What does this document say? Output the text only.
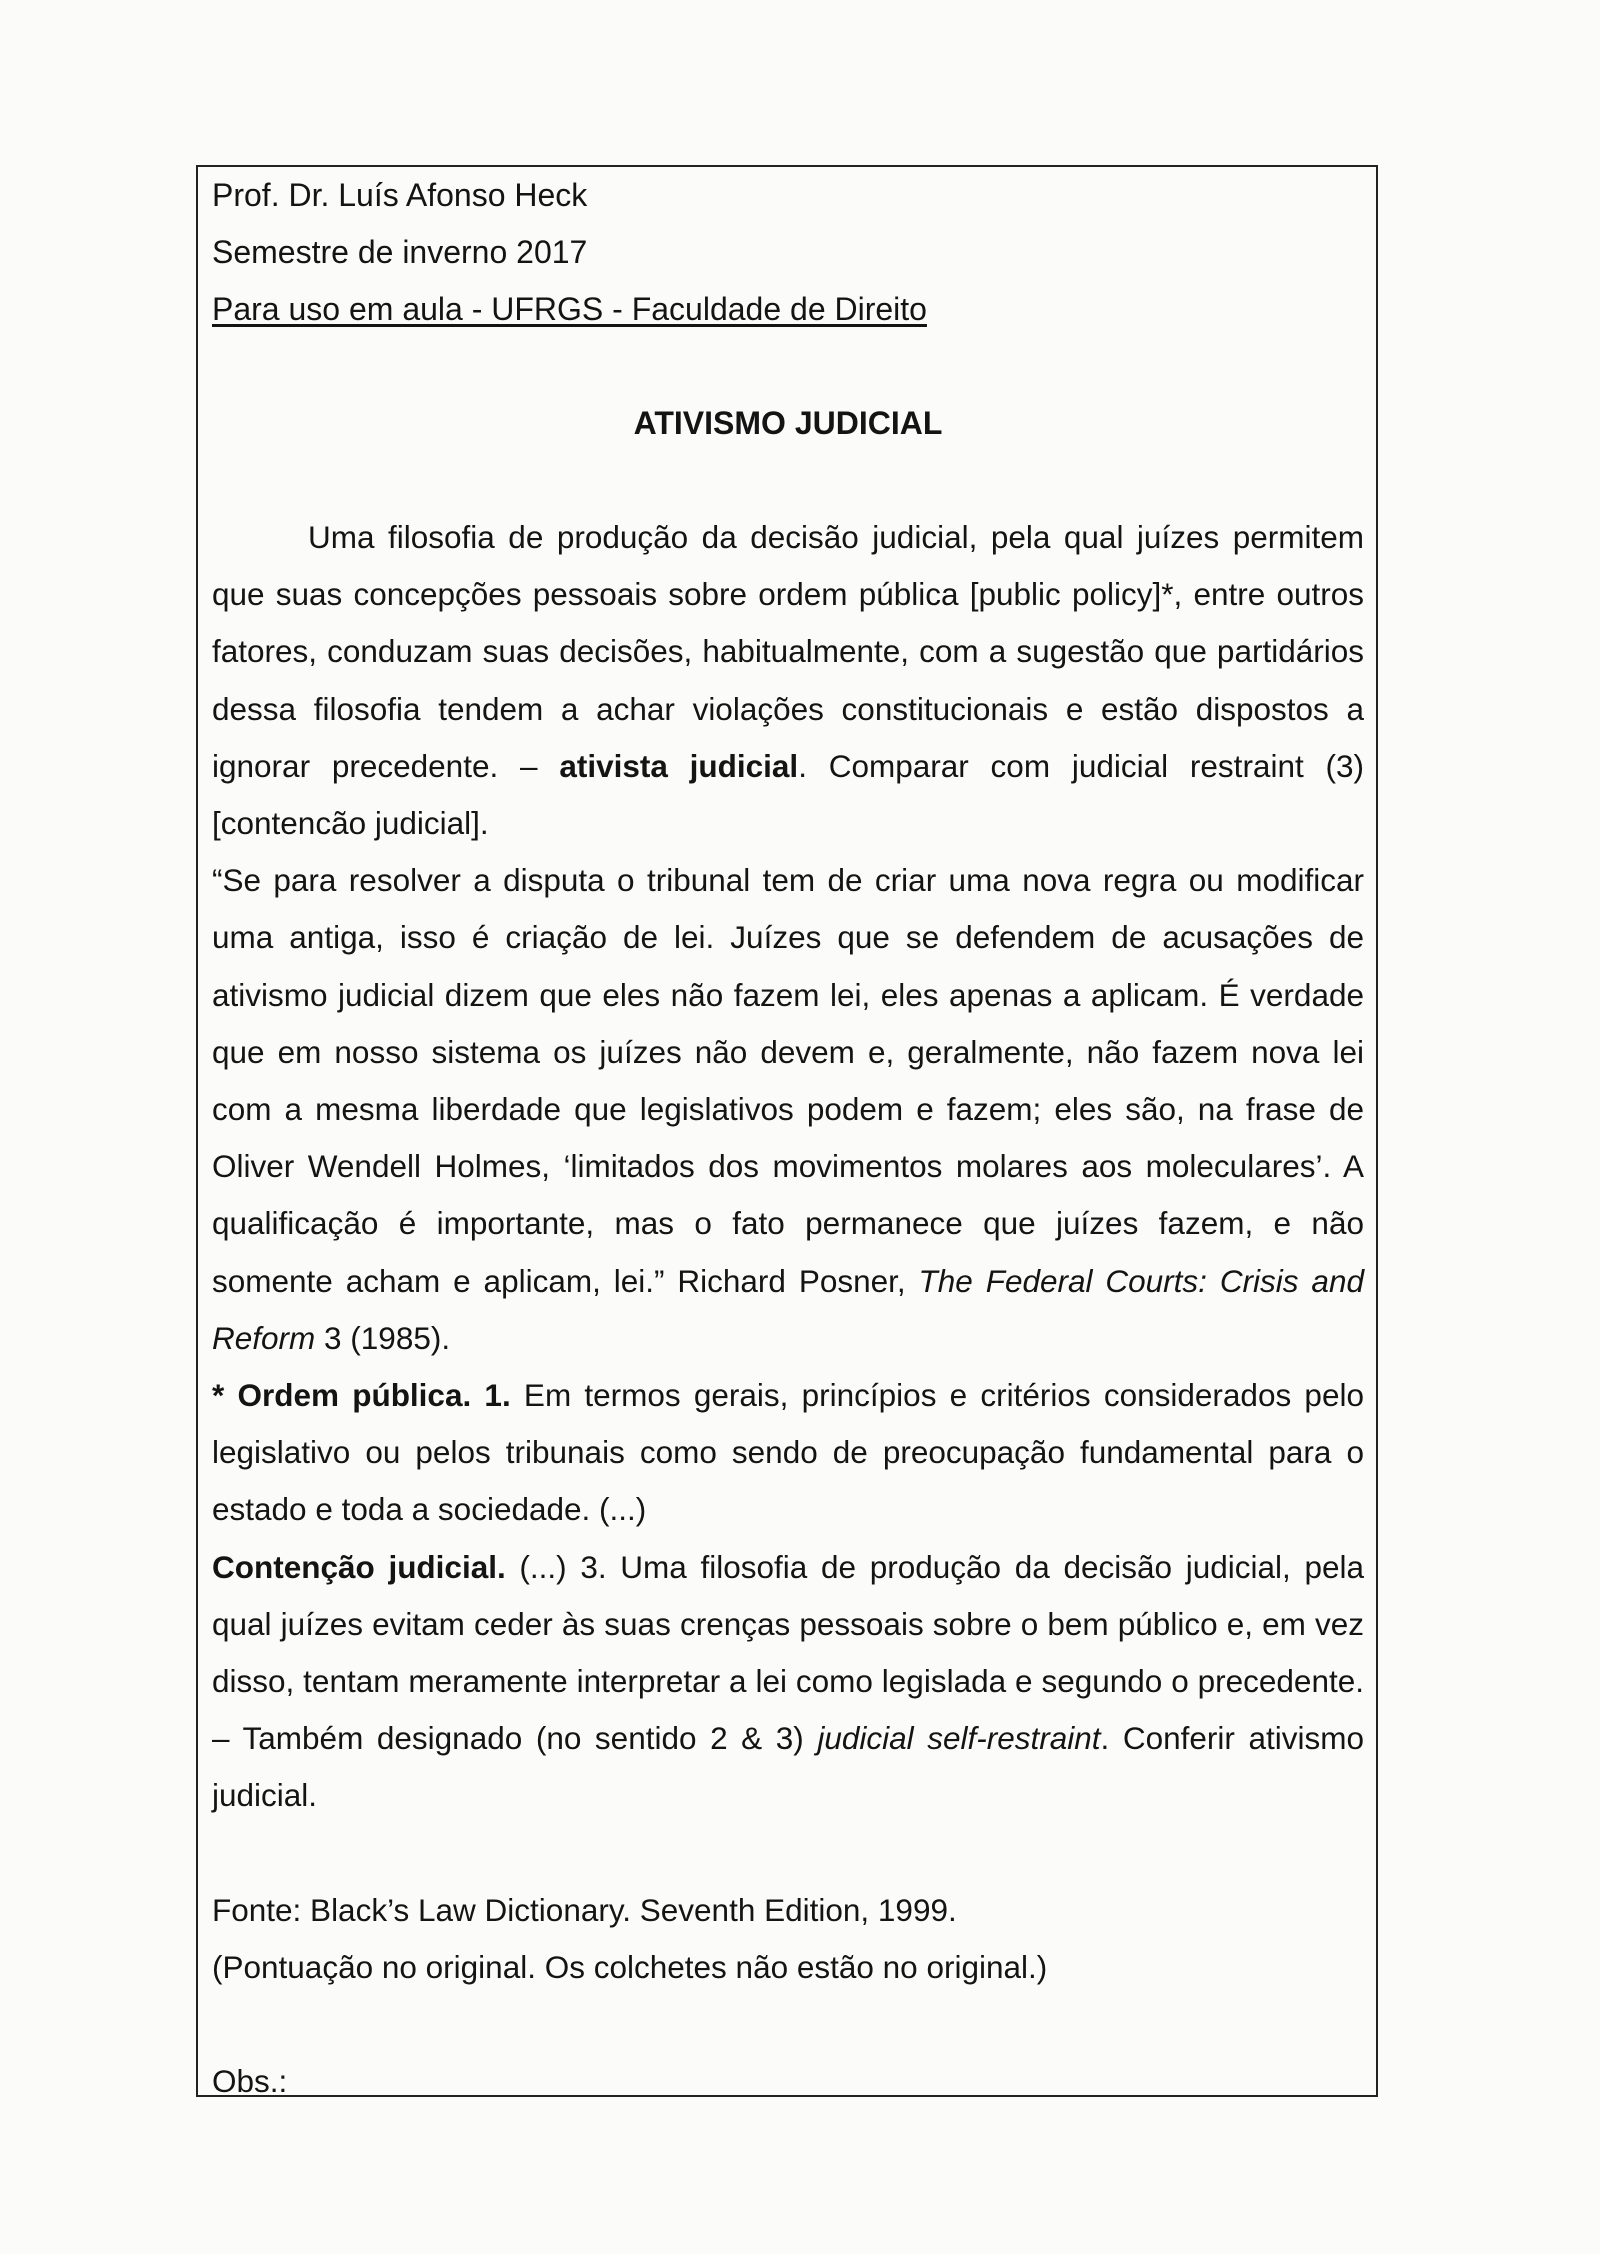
Prof. Dr. Luís Afonso Heck
Semestre de inverno 2017
Para uso em aula - UFRGS - Faculdade de Direito
ATIVISMO JUDICIAL

Uma filosofia de produção da decisão judicial, pela qual juízes permitem que suas concepções pessoais sobre ordem pública [public policy]*, entre outros fatores, conduzam suas decisões, habitualmente, com a sugestão que partidários dessa filosofia tendem a achar violações constitucionais e estão dispostos a ignorar precedente. – ativista judicial. Comparar com judicial restraint (3) [contencão judicial].

“Se para resolver a disputa o tribunal tem de criar uma nova regra ou modificar uma antiga, isso é criação de lei. Juízes que se defendem de acusações de ativismo judicial dizem que eles não fazem lei, eles apenas a aplicam. É verdade que em nosso sistema os juízes não devem e, geralmente, não fazem nova lei com a mesma liberdade que legislativos podem e fazem; eles são, na frase de Oliver Wendell Holmes, ‘limitados dos movimentos molares aos moleculares’. A qualificação é importante, mas o fato permanece que juízes fazem, e não somente acham e aplicam, lei.” Richard Posner, The Federal Courts: Crisis and Reform 3 (1985).

* Ordem pública. 1. Em termos gerais, princípios e critérios considerados pelo legislativo ou pelos tribunais como sendo de preocupação fundamental para o estado e toda a sociedade. (...)

Contenção judicial. (...) 3. Uma filosofia de produção da decisão judicial, pela qual juízes evitam ceder às suas crenças pessoais sobre o bem público e, em vez disso, tentam meramente interpretar a lei como legislada e segundo o precedente. – Também designado (no sentido 2 & 3) judicial self-restraint. Conferir ativismo judicial.

Fonte: Black’s Law Dictionary. Seventh Edition, 1999.

(Pontuação no original. Os colchetes não estão no original.)

Obs.:
